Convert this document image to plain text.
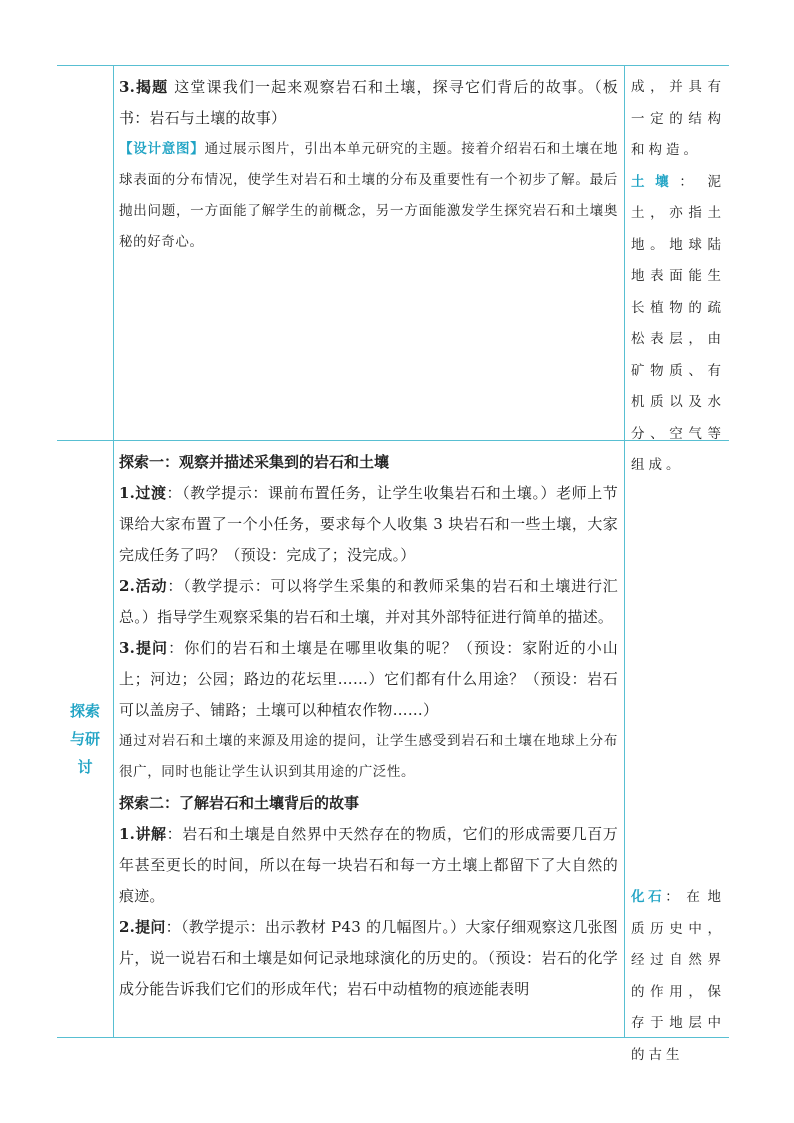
3.揭题 这堂课我们一起来观察岩石和土壤，探寻它们背后的故事。（板书：岩石与土壤的故事）
【设计意图】通过展示图片，引出本单元研究的主题。接着介绍岩石和土壤在地球表面的分布情况，使学生对岩石和土壤的分布及重要性有一个初步了解。最后抛出问题，一方面能了解学生的前概念，另一方面能激发学生探究岩石和土壤奥秘的好奇心。
成，并具有一定的结构和构造。
土壤：泥土，亦指土地。地球陆地表面能生长植物的疏松表层，由矿物质、有机质以及水分、空气等组成。
探索与研讨
探索一：观察并描述采集到的岩石和土壤
1.过渡：（教学提示：课前布置任务，让学生收集岩石和土壤。）老师上节课给大家布置了一个小任务，要求每个人收集 3 块岩石和一些土壤，大家完成任务了吗？（预设：完成了；没完成。）
2.活动：（教学提示：可以将学生采集的和教师采集的岩石和土壤进行汇总。）指导学生观察采集的岩石和土壤，并对其外部特征进行简单的描述。
3.提问：你们的岩石和土壤是在哪里收集的呢？（预设：家附近的小山上；河边；公园；路边的花坛里……）它们都有什么用途？（预设：岩石可以盖房子、铺路；土壤可以种植农作物……）
通过对岩石和土壤的来源及用途的提问，让学生感受到岩石和土壤在地球上分布很广，同时也能让学生认识到其用途的广泛性。
探索二：了解岩石和土壤背后的故事
1.讲解：岩石和土壤是自然界中天然存在的物质，它们的形成需要几百万年甚至更长的时间，所以在每一块岩石和每一方土壤上都留下了大自然的痕迹。
2.提问：（教学提示：出示教材 P43 的几幅图片。）大家仔细观察这几张图片，说一说岩石和土壤是如何记录地球演化的历史的。（预设：岩石的化学成分能告诉我们它们的形成年代；岩石中动植物的痕迹能表明
化石：在地质历史中，经过自然界的作用，保存于地层中的古生
